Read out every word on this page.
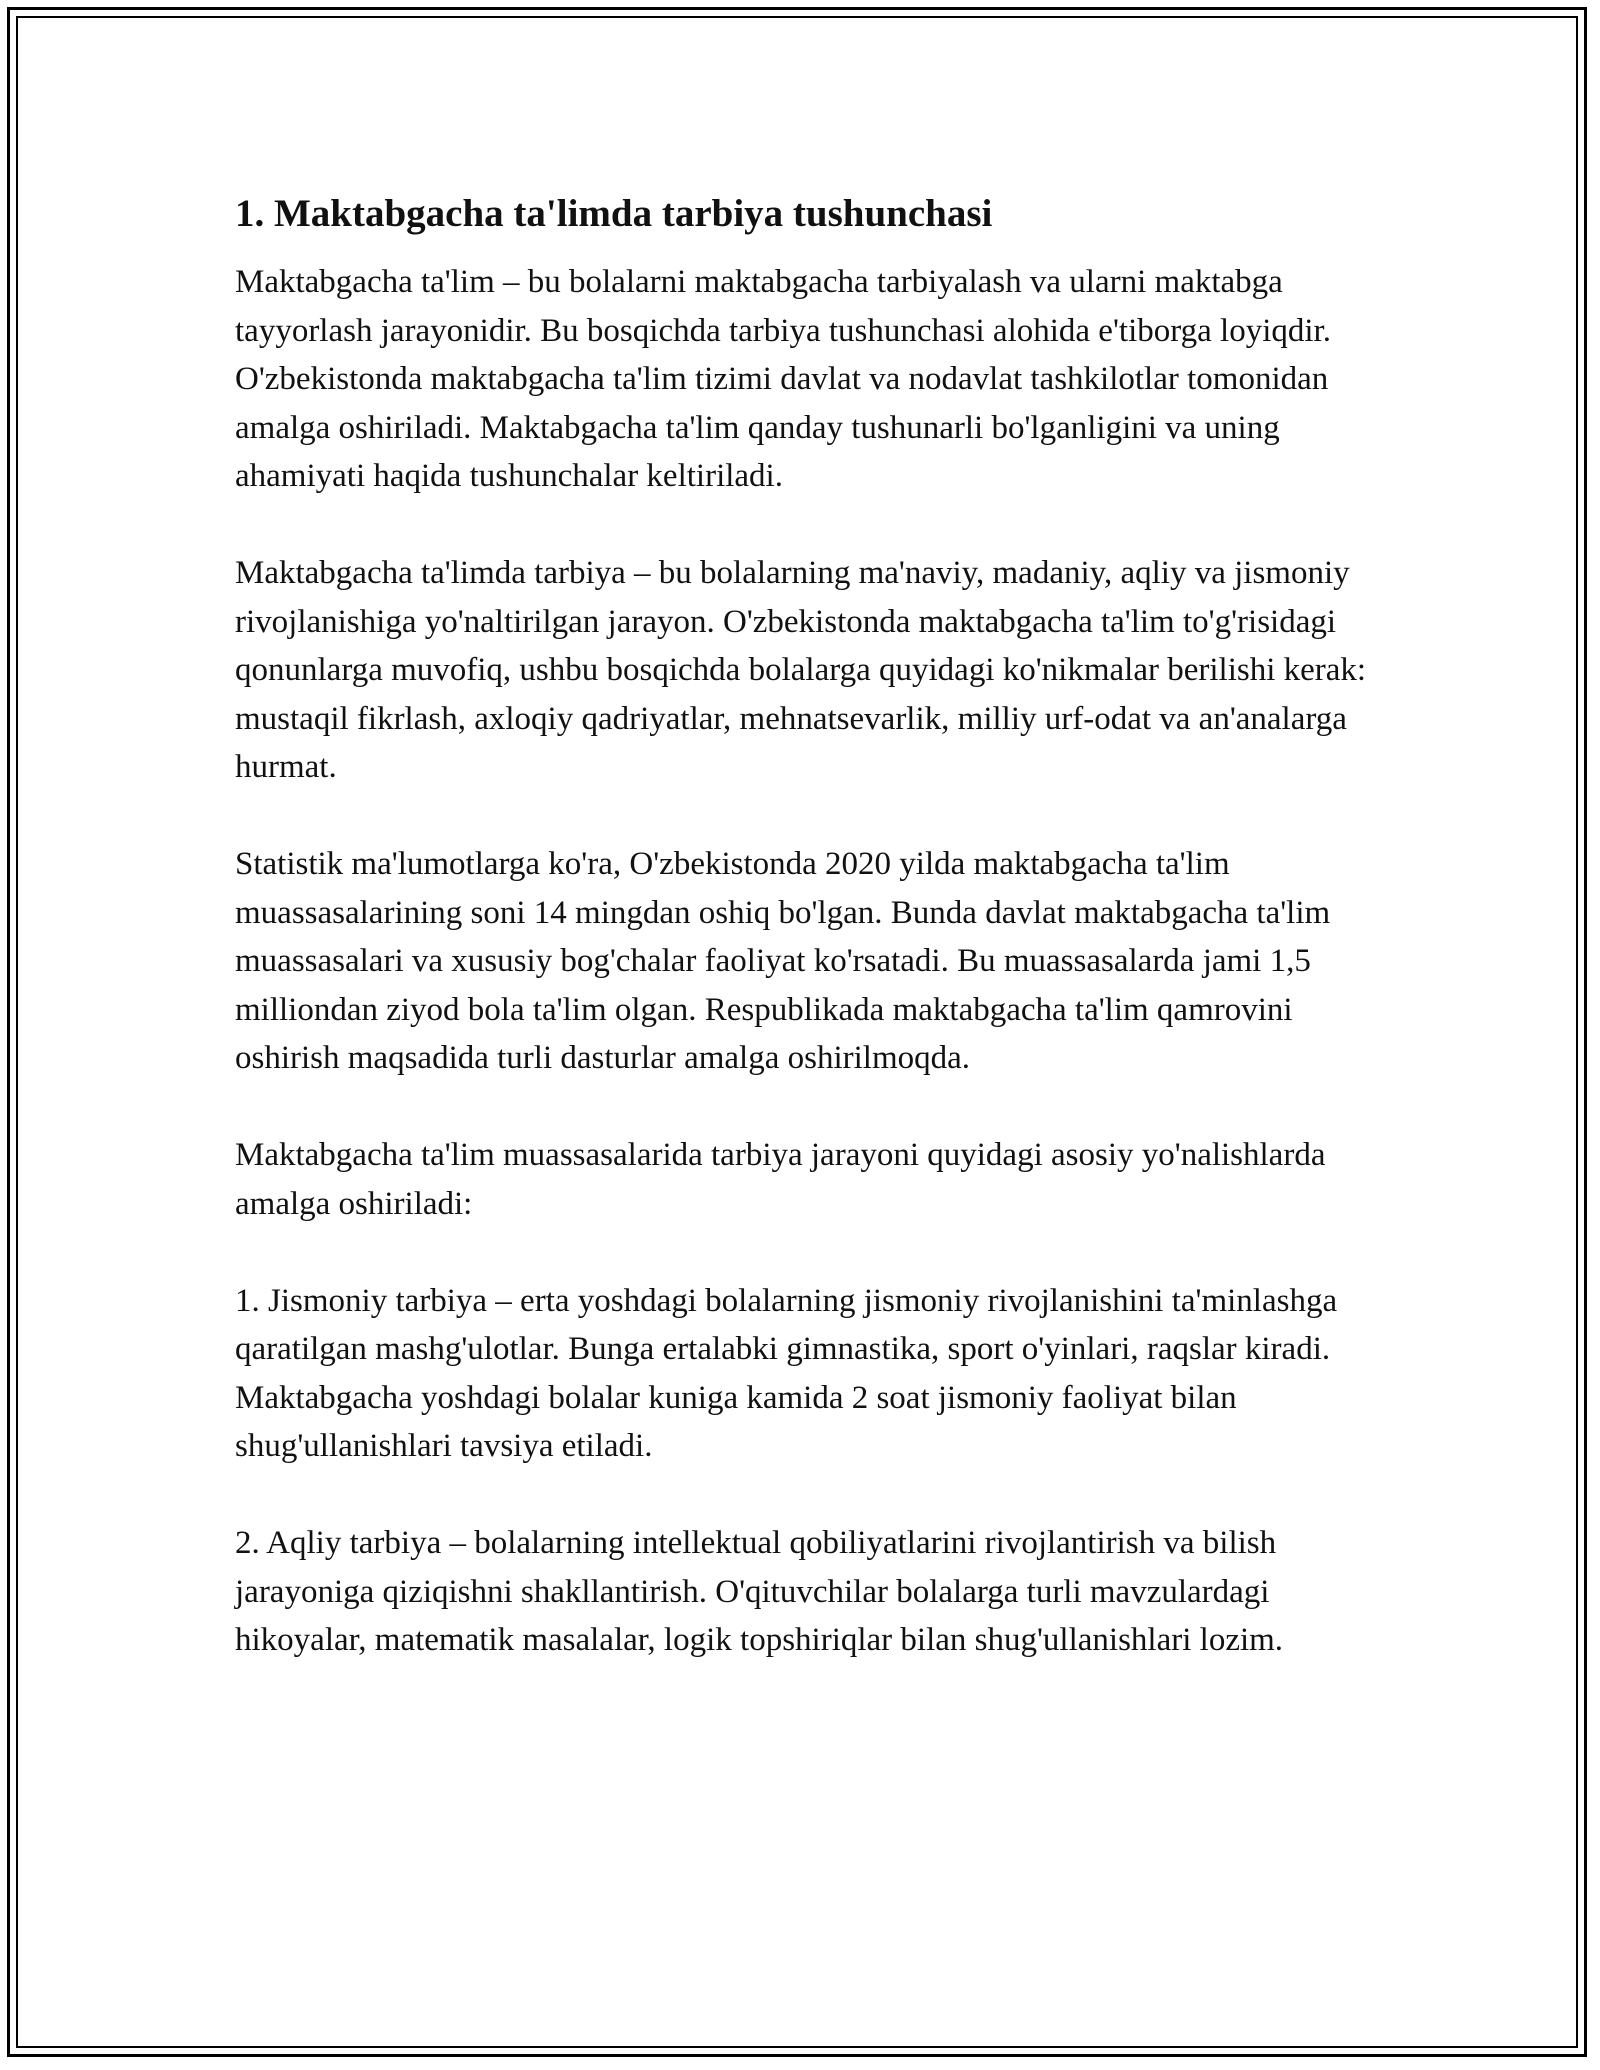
1. Maktabgacha ta'limda tarbiya tushunchasi

Maktabgacha ta'lim – bu bolalarni maktabgacha tarbiyalash va ularni maktabga tayyorlash jarayonidir. Bu bosqichda tarbiya tushunchasi alohida e'tiborga loyiqdir. O'zbekistonda maktabgacha ta'lim tizimi davlat va nodavlat tashkilotlar tomonidan amalga oshiriladi. Maktabgacha ta'lim qanday tushunarli bo'lganligini va uning ahamiyati haqida tushunchalar keltiriladi.

Maktabgacha ta'limda tarbiya – bu bolalarning ma'naviy, madaniy, aqliy va jismoniy rivojlanishiga yo'naltirilgan jarayon. O'zbekistonda maktabgacha ta'lim to'g'risidagi qonunlarga muvofiq, ushbu bosqichda bolalarga quyidagi ko'nikmalar berilishi kerak: mustaqil fikrlash, axloqiy qadriyatlar, mehnatsevarlik, milliy urf-odat va an'analarga hurmat.

Statistik ma'lumotlarga ko'ra, O'zbekistonda 2020 yilda maktabgacha ta'lim muassasalarining soni 14 mingdan oshiq bo'lgan. Bunda davlat maktabgacha ta'lim muassasalari va xususiy bog'chalar faoliyat ko'rsatadi. Bu muassasalarda jami 1,5 milliondan ziyod bola ta'lim olgan. Respublikada maktabgacha ta'lim qamrovini oshirish maqsadida turli dasturlar amalga oshirilmoqda.

Maktabgacha ta'lim muassasalarida tarbiya jarayoni quyidagi asosiy yo'nalishlarda amalga oshiriladi:

1. Jismoniy tarbiya – erta yoshdagi bolalarning jismoniy rivojlanishini ta'minlashga qaratilgan mashg'ulotlar. Bunga ertalabki gimnastika, sport o'yinlari, raqslar kiradi. Maktabgacha yoshdagi bolalar kuniga kamida 2 soat jismoniy faoliyat bilan shug'ullanishlari tavsiya etiladi.

2. Aqliy tarbiya – bolalarning intellektual qobiliyatlarini rivojlantirish va bilish jarayoniga qiziqishni shakllantirish. O'qituvchilar bolalarga turli mavzulardagi hikoyalar, matematik masalalar, logik topshiriqlar bilan shug'ullanishlari lozim.
